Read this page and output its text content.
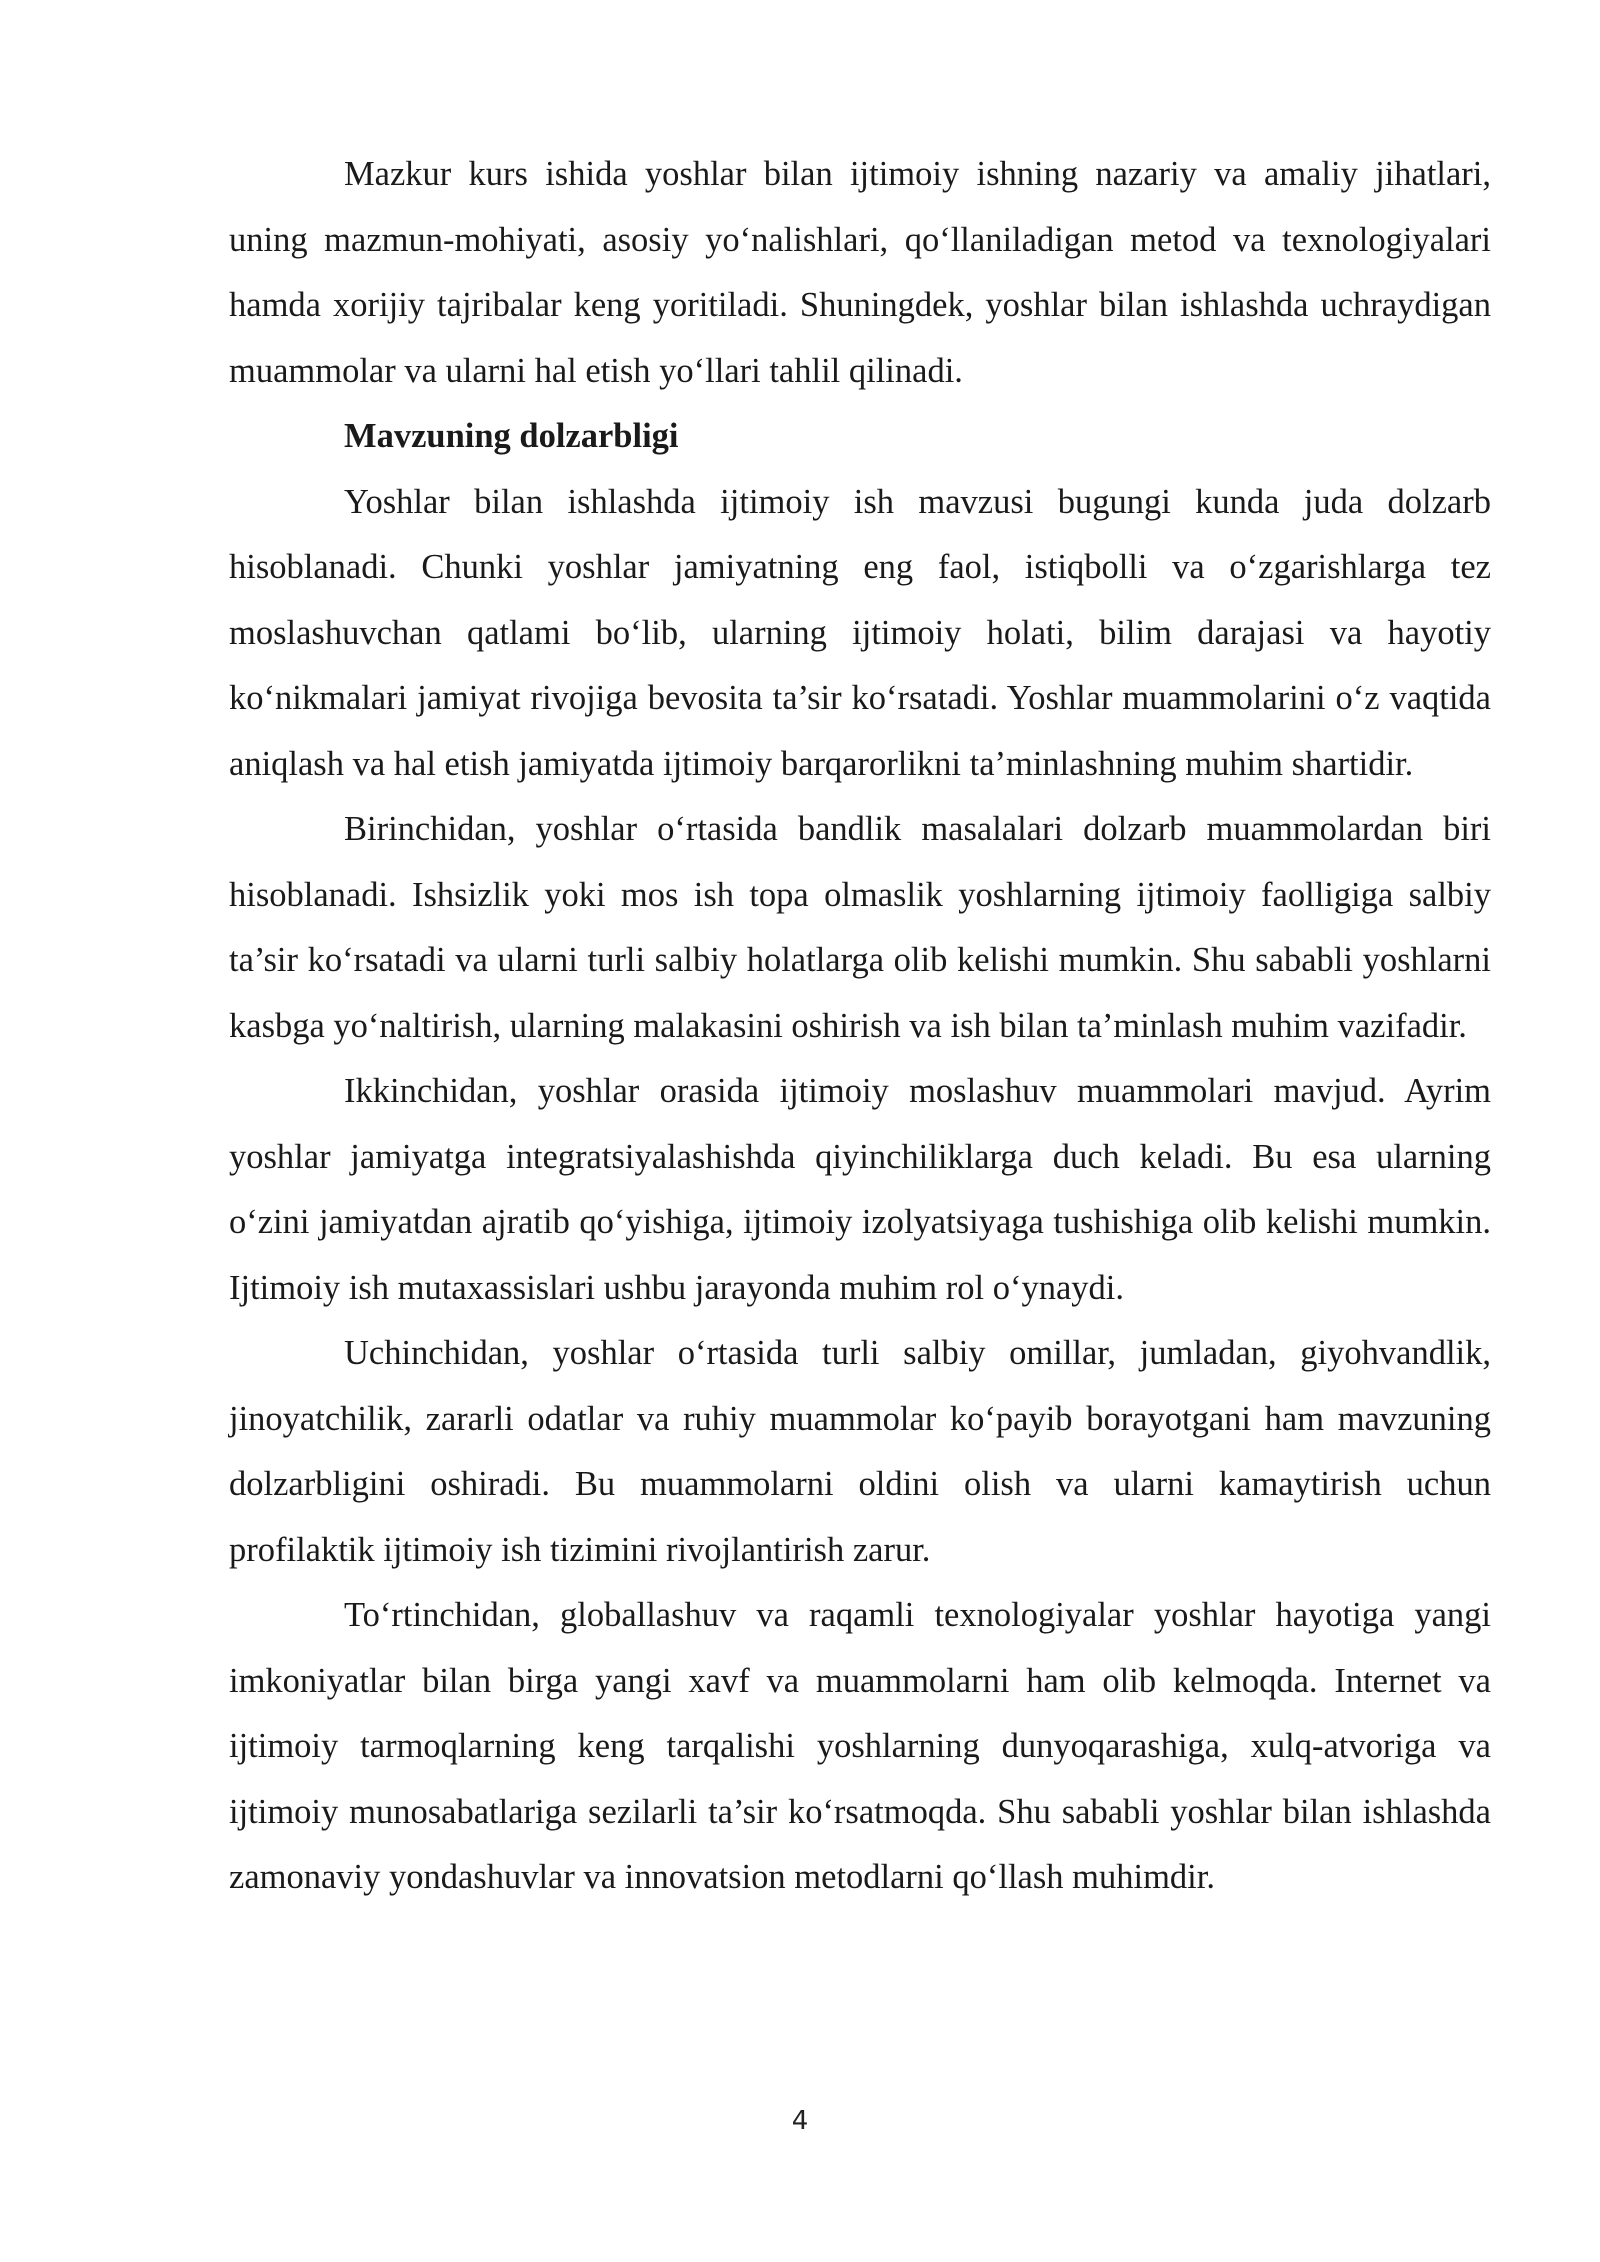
Mazkur kurs ishida yoshlar bilan ijtimoiy ishning nazariy va amaliy jihatlari, uning mazmun-mohiyati, asosiy yo‘nalishlari, qo‘llaniladigan metod va texnologiyalari hamda xorijiy tajribalar keng yoritiladi. Shuningdek, yoshlar bilan ishlashda uchraydigan muammolar va ularni hal etish yo‘llari tahlil qilinadi.

Mavzuning dolzarbligi

Yoshlar bilan ishlashda ijtimoiy ish mavzusi bugungi kunda juda dolzarb hisoblanadi. Chunki yoshlar jamiyatning eng faol, istiqbolli va o‘zgarishlarga tez moslashuvchan qatlami bo‘lib, ularning ijtimoiy holati, bilim darajasi va hayotiy ko‘nikmalari jamiyat rivojiga bevosita ta’sir ko‘rsatadi. Yoshlar muammolarini o‘z vaqtida aniqlash va hal etish jamiyatda ijtimoiy barqarorlikni ta’minlashning muhim shartidir.

Birinchidan, yoshlar o‘rtasida bandlik masalalari dolzarb muammolardan biri hisoblanadi. Ishsizlik yoki mos ish topa olmaslik yoshlarning ijtimoiy faolligiga salbiy ta’sir ko‘rsatadi va ularni turli salbiy holatlarga olib kelishi mumkin. Shu sababli yoshlarni kasbga yo‘naltirish, ularning malakasini oshirish va ish bilan ta’minlash muhim vazifadir.

Ikkinchidan, yoshlar orasida ijtimoiy moslashuv muammolari mavjud. Ayrim yoshlar jamiyatga integratsiyalashishda qiyinchiliklarga duch keladi. Bu esa ularning o‘zini jamiyatdan ajratib qo‘yishiga, ijtimoiy izolyatsiyaga tushishiga olib kelishi mumkin. Ijtimoiy ish mutaxassislari ushbu jarayonda muhim rol o‘ynaydi.

Uchinchidan, yoshlar o‘rtasida turli salbiy omillar, jumladan, giyohvandlik, jinoyatchilik, zararli odatlar va ruhiy muammolar ko‘payib borayotgani ham mavzuning dolzarbligini oshiradi. Bu muammolarni oldini olish va ularni kamaytirish uchun profilaktik ijtimoiy ish tizimini rivojlantirish zarur.

To‘rtinchidan, globallashuv va raqamli texnologiyalar yoshlar hayotiga yangi imkoniyatlar bilan birga yangi xavf va muammolarni ham olib kelmoqda. Internet va ijtimoiy tarmoqlarning keng tarqalishi yoshlarning dunyoqarashiga, xulq-atvoriga va ijtimoiy munosabatlariga sezilarli ta’sir ko‘rsatmoqda. Shu sababli yoshlar bilan ishlashda zamonaviy yondashuvlar va innovatsion metodlarni qo‘llash muhimdir.

4
